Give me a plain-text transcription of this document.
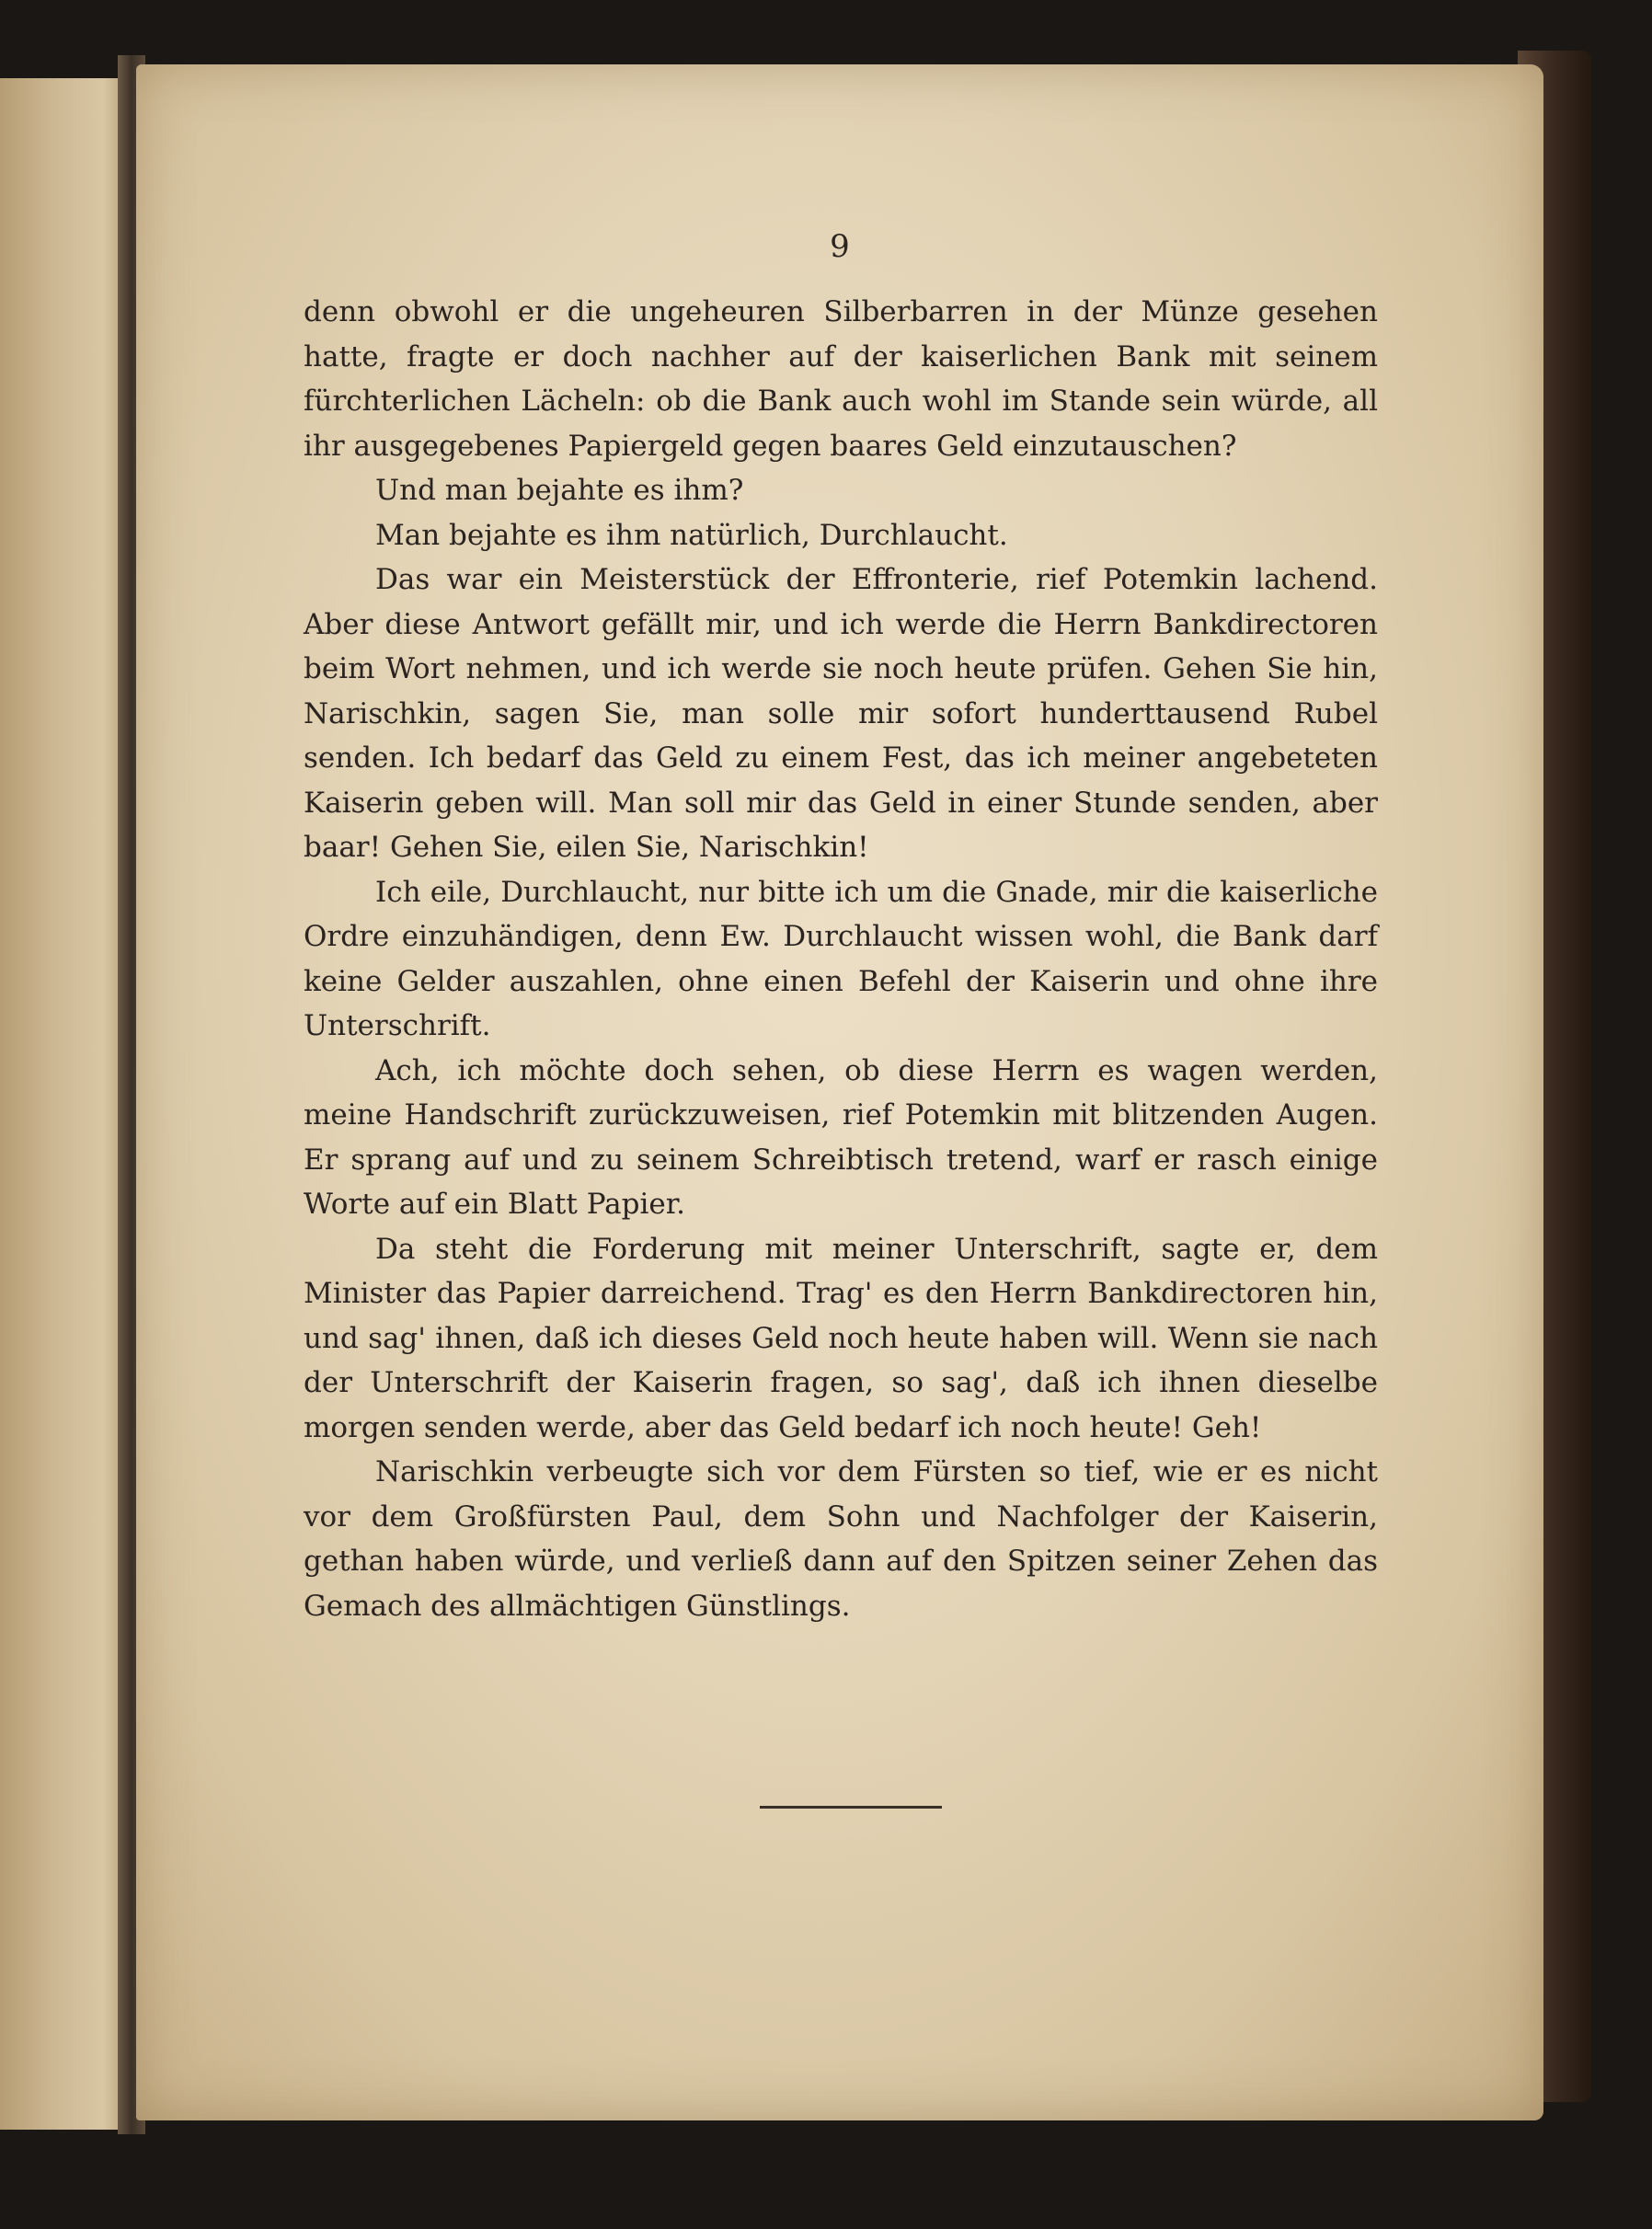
9

denn obwohl er die ungeheuren Silberbarren in der Münze gesehen hatte, fragte er doch nachher auf der kaiserlichen Bank mit seinem fürchterlichen Lächeln: ob die Bank auch wohl im Stande sein würde, all ihr ausgegebenes Papiergeld gegen baares Geld einzutauschen?

Und man bejahte es ihm?

Man bejahte es ihm natürlich, Durchlaucht.

Das war ein Meisterstück der Effronterie, rief Potemkin lachend. Aber diese Antwort gefällt mir, und ich werde die Herrn Bankdirectoren beim Wort nehmen, und ich werde sie noch heute prüfen. Gehen Sie hin, Narischkin, sagen Sie, man solle mir sofort hunderttausend Rubel senden. Ich bedarf das Geld zu einem Fest, das ich meiner angebeteten Kaiserin geben will. Man soll mir das Geld in einer Stunde senden, aber baar! Gehen Sie, eilen Sie, Narischkin!

Ich eile, Durchlaucht, nur bitte ich um die Gnade, mir die kaiserliche Ordre einzuhändigen, denn Ew. Durchlaucht wissen wohl, die Bank darf keine Gelder auszahlen, ohne einen Befehl der Kaiserin und ohne ihre Unterschrift.

Ach, ich möchte doch sehen, ob diese Herrn es wagen werden, meine Handschrift zurückzuweisen, rief Potemkin mit blitzenden Augen. Er sprang auf und zu seinem Schreibtisch tretend, warf er rasch einige Worte auf ein Blatt Papier.

Da steht die Forderung mit meiner Unterschrift, sagte er, dem Minister das Papier darreichend. Trag' es den Herrn Bankdirectoren hin, und sag' ihnen, daß ich dieses Geld noch heute haben will. Wenn sie nach der Unterschrift der Kaiserin fragen, so sag', daß ich ihnen dieselbe morgen senden werde, aber das Geld bedarf ich noch heute! Geh!

Narischkin verbeugte sich vor dem Fürsten so tief, wie er es nicht vor dem Großfürsten Paul, dem Sohn und Nachfolger der Kaiserin, gethan haben würde, und verließ dann auf den Spitzen seiner Zehen das Gemach des allmächtigen Günstlings.
